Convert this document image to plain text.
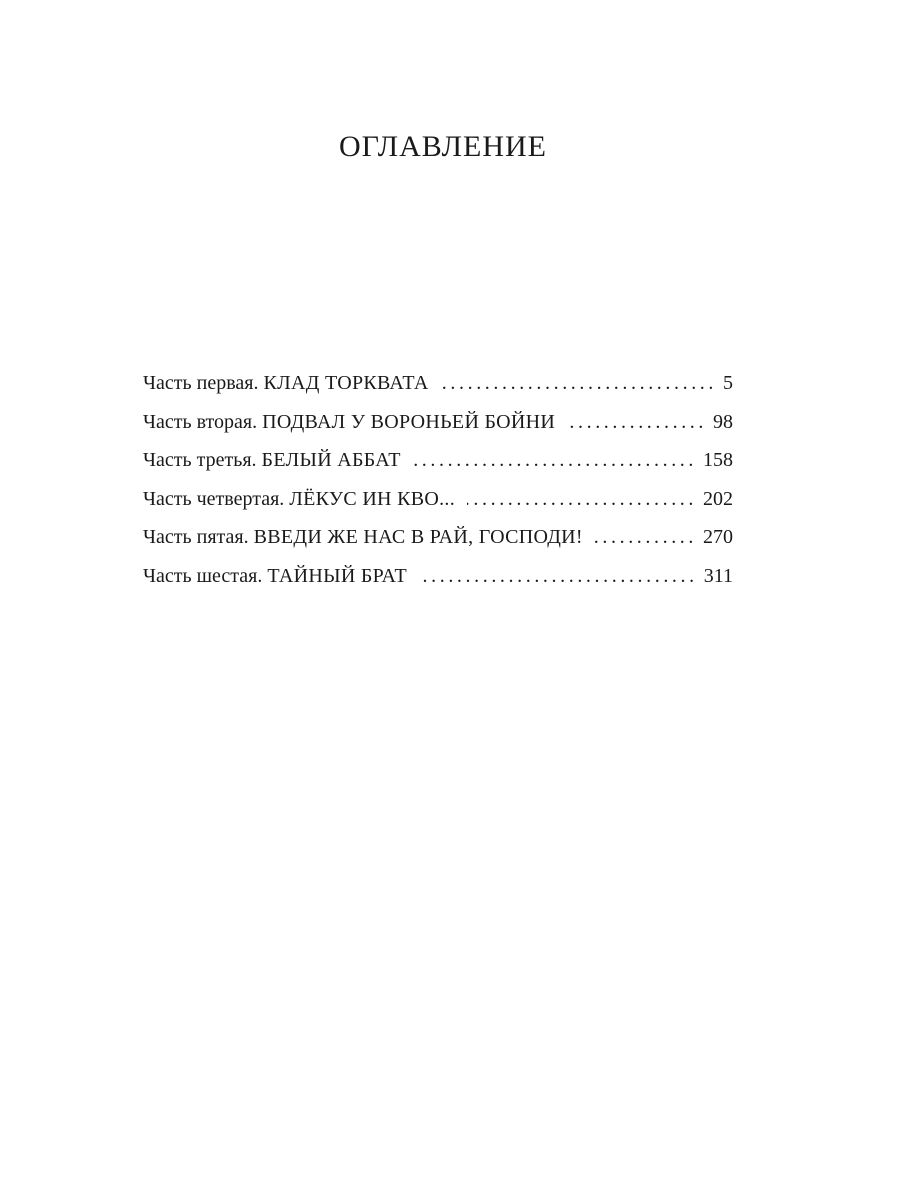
ОГЛАВЛЕНИЕ
Часть первая. КЛАД ТОРКВАТА .....	5
Часть вторая. ПОДВАЛ У ВОРОНЬЕЙ БОЙНИ .....	98
Часть третья. БЕЛЫЙ АББАТ .....	158
Часть четвертая. ЛЁКУС ИН КВО... .....	202
Часть пятая. ВВЕДИ ЖЕ НАС В РАЙ, ГОСПОДИ! .....	270
Часть шестая. ТАЙНЫЙ БРАТ .....	311
